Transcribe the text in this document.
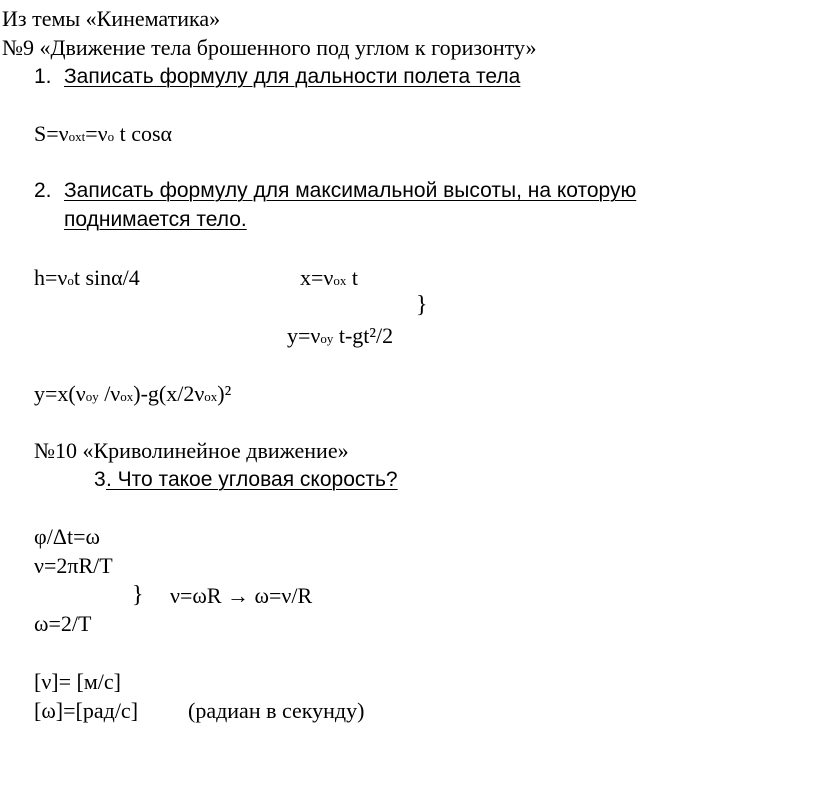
Из темы «Кинематика»
№9 «Движение тела брошенного под углом к горизонту»
1. Записать формулу для дальности полета тела
S=νoxt=νo t cosα
2. Записать формулу для максимальной высоты, на которую
поднимается тело.
h=νot sinα/4	x=νox t
}
y=νoy t-gt²/2
y=x(νoy /νox)-g(x/2νox)²
№10 «Криволинейное движение»
3 . Что такое угловая скорость?
φ/Δt=ω
ν=2πR/T
} ν=ωR → ω=ν/R
ω=2/T
[ν]= [м/с]
[ω]=[рад/с] (радиан в секунду)
